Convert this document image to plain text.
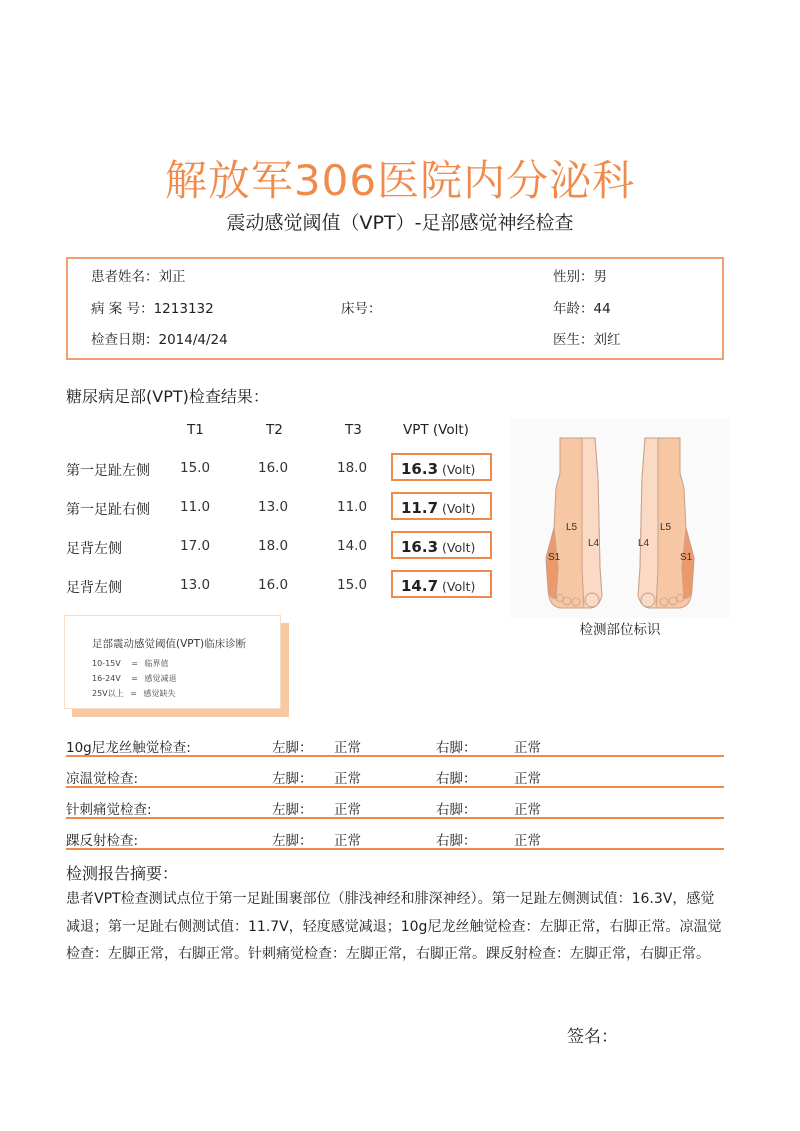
解放军306医院内分泌科
震动感觉阈值（VPT）-足部感觉神经检查
患者姓名：刘正	性别：男
病 案 号：1213132	床号：	年龄：44
检查日期：2014/4/24	医生：刘红
糖尿病足部(VPT)检查结果：
T1	T2	T3	VPT (Volt)
第一足趾左侧 15.0	16.0	18.0	16.3 (Volt)
第一足趾右侧 11.0	13.0	11.0	11.7 (Volt)
足背左侧	17.0	18.0	14.0	16.3 (Volt)
足背左侧	13.0	16.0	15.0	14.7 (Volt)
L5
L4
S1
L5
L4
S1
检测部位标识
足部震动感觉阈值(VPT)临床诊断
10-15V = 临界值
16-24V = 感觉减退
25V以上 = 感觉缺失
10g尼龙丝触觉检查:	左脚： 正常	右脚：	正常
凉温觉检查:	左脚： 正常	右脚：	正常
针刺痛觉检查:	左脚： 正常	右脚：	正常
踝反射检查:	左脚： 正常	右脚：	正常
检测报告摘要：
患者VPT检查测试点位于第一足趾围裹部位（腓浅神经和腓深神经）。第一足趾左侧测试值：16.3V，感觉减退；第一足趾右侧测试值：11.7V，轻度感觉减退；10g尼龙丝触觉检查：左脚正常，右脚正常。凉温觉检查：左脚正常，右脚正常。针刺痛觉检查：左脚正常，右脚正常。踝反射检查：左脚正常，右脚正常。
签名：
